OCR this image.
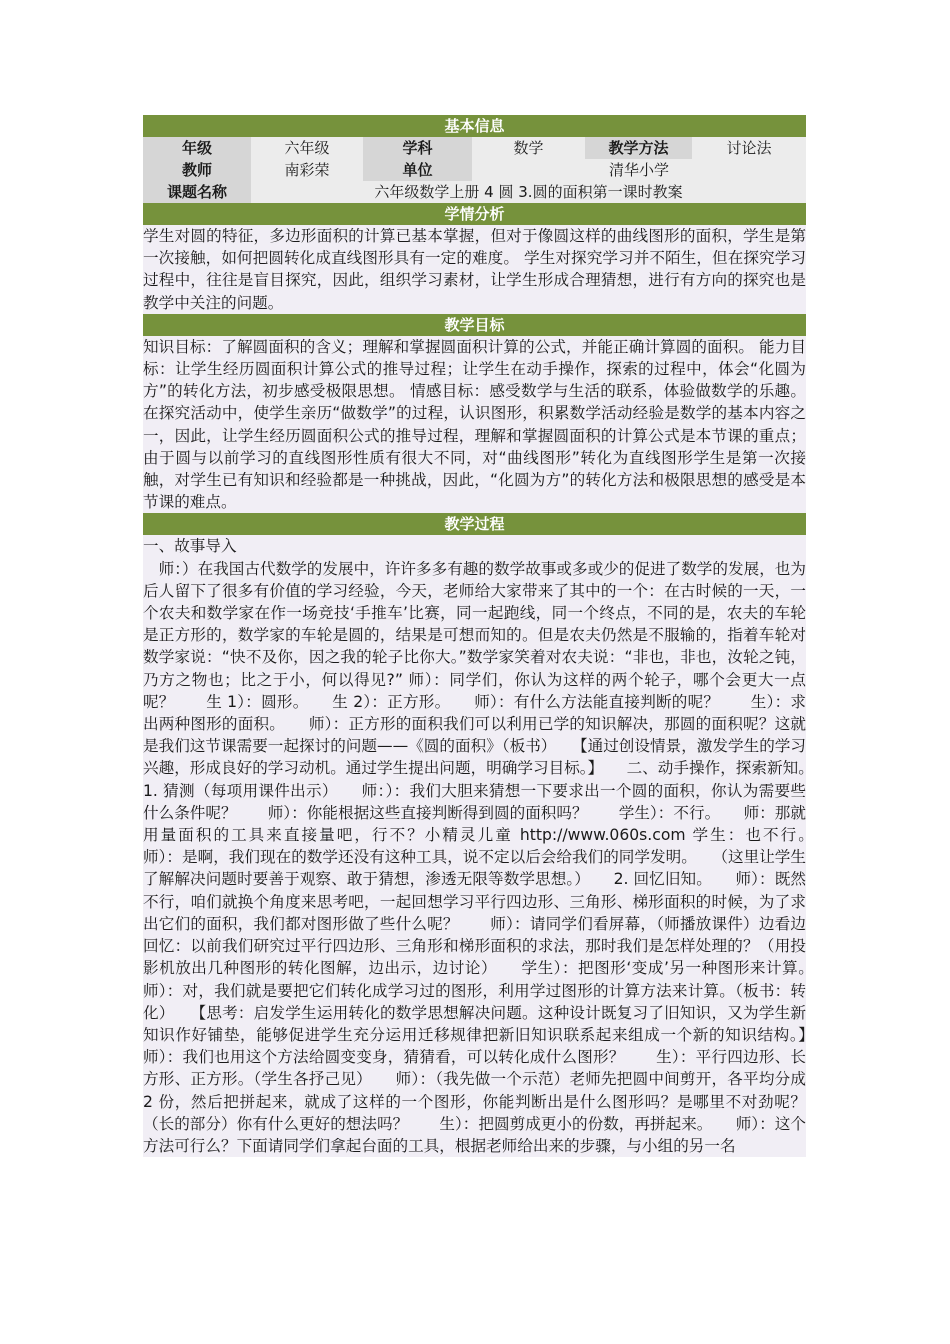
基本信息
年级	六年级	学科	数学	教学方法	讨论法
教师	南彩荣	单位	清华小学		
课题名称	六年级数学上册 4 圆 3.圆的面积第一课时教案				
学情分析
学生对圆的特征，多边形面积的计算已基本掌握，但对于像圆这样的曲线图形的面积，学生是第一次接触，如何把圆转化成直线图形具有一定的难度。 学生对探究学习并不陌生，但在探究学习过程中，往往是盲目探究，因此，组织学习素材，让学生形成合理猜想，进行有方向的探究也是教学中关注的问题。
教学目标
知识目标：了解圆面积的含义；理解和掌握圆面积计算的公式，并能正确计算圆的面积。 能力目标：让学生经历圆面积计算公式的推导过程；让学生在动手操作，探索的过程中，体会“化圆为方”的转化方法，初步感受极限思想。 情感目标：感受数学与生活的联系，体验做数学的乐趣。 在探究活动中，使学生亲历“做数学”的过程，认识图形，积累数学活动经验是数学的基本内容之一，因此，让学生经历圆面积公式的推导过程，理解和掌握圆面积的计算公式是本节课的重点；由于圆与以前学习的直线图形性质有很大不同，对“曲线图形”转化为直线图形学生是第一次接触，对学生已有知识和经验都是一种挑战，因此，“化圆为方”的转化方法和极限思想的感受是本节课的难点。
教学过程
一、故事导入
　师：）在我国古代数学的发展中，许许多多有趣的数学故事或多或少的促进了数学的发展，也为后人留下了很多有价值的学习经验，今天，老师给大家带来了其中的一个：在古时候的一天，一个农夫和数学家在作一场竞技‘手推车’比赛，同一起跑线，同一个终点，不同的是，农夫的车轮是正方形的，数学家的车轮是圆的，结果是可想而知的。但是农夫仍然是不服输的，指着车轮对数学家说：“快不及你，因之我的轮子比你大。”数学家笑着对农夫说：“非也，非也，汝轮之钝，乃方之物也；比之于小，何以得见?” 师）：同学们，你认为这样的两个轮子，哪个会更大一点呢？　　生 1）：圆形。　　生 2）：正方形。　　师）：有什么方法能直接判断的呢？　　生）：求出两种图形的面积。　　师）：正方形的面积我们可以利用已学的知识解决，那圆的面积呢？这就是我们这节课需要一起探讨的问题——《圆的面积》（板书）　　【通过创设情景，激发学生的学习兴趣，形成良好的学习动机。通过学生提出问题，明确学习目标。】　　二、动手操作，探索新知。　　1. 猜测（每项用课件出示）　　师：）：我们大胆来猜想一下要求出一个圆的面积，你认为需要些什么条件呢？　　师）：你能根据这些直接判断得到圆的面积吗？　　学生）：不行。　　师：那就用量面积的工具来直接量吧，行不？小精灵儿童 http://www.060s.com 学生：也不行。　　师）：是啊，我们现在的数学还没有这种工具，说不定以后会给我们的同学发明。　　（这里让学生了解解决问题时要善于观察、敢于猜想，渗透无限等数学思想。）　　2. 回忆旧知。　　师）：既然不行，咱们就换个角度来思考吧，一起回想学习平行四边形、三角形、梯形面积的时候，为了求出它们的面积，我们都对图形做了些什么呢？　　师）：请同学们看屏幕，（师播放课件）边看边回忆：以前我们研究过平行四边形、三角形和梯形面积的求法，那时我们是怎样处理的？（用投影机放出几种图形的转化图解，边出示，边讨论）　　学生）：把图形‘变成’另一种图形来计算。　　师）：对，我们就是要把它们转化成学习过的图形，利用学过图形的计算方法来计算。（板书：转化）　　【思考：启发学生运用转化的数学思想解决问题。这种设计既复习了旧知识，又为学生新知识作好铺垫，能够促进学生充分运用迁移规律把新旧知识联系起来组成一个新的知识结构。】　　师）：我们也用这个方法给圆变变身，猜猜看，可以转化成什么图形？　　生）：平行四边形、长方形、正方形。（学生各抒己见）　　师）：（我先做一个示范）老师先把圆中间剪开，各平均分成 2 份，然后把拼起来，就成了这样的一个图形，你能判断出是什么图形吗？是哪里不对劲呢？（长的部分）你有什么更好的想法吗？　　生）：把圆剪成更小的份数，再拼起来。　　师）：这个方法可行么？下面请同学们拿起台面的工具，根据老师给出来的步骤，与小组的另一名
